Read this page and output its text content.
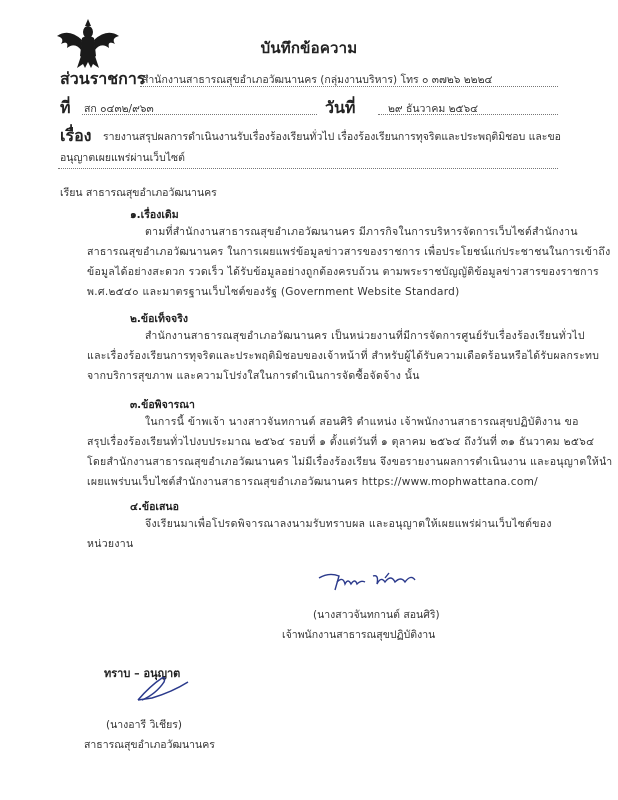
บันทึกข้อความ
ส่วนราชการ
สำนักงานสาธารณสุขอำเภอวัฒนานคร (กลุ่มงานบริหาร) โทร ๐ ๓๗๒๖ ๒๒๒๔
ที่ สก ๐๔๓๒/๙๖๓	วันที่	๒๙ ธันวาคม ๒๕๖๔
เรื่อง รายงานสรุปผลการดำเนินงานรับเรื่องร้องเรียนทั่วไป เรื่องร้องเรียนการทุจริตและประพฤติมิชอบ และขอ
อนุญาตเผยแพร่ผ่านเว็บไซต์
เรียน สาธารณสุขอำเภอวัฒนานคร
๑.เรื่องเดิม
ตามที่สำนักงานสาธารณสุขอำเภอวัฒนานคร มีภารกิจในการบริหารจัดการเว็บไซต์สำนักงาน
สาธารณสุขอำเภอวัฒนานคร ในการเผยแพร่ข้อมูลข่าวสารของราชการ เพื่อประโยชน์แก่ประชาชนในการเข้าถึง
ข้อมูลได้อย่างสะดวก รวดเร็ว ได้รับข้อมูลอย่างถูกต้องครบถ้วน ตามพระราชบัญญัติข้อมูลข่าวสารของราชการ
พ.ศ.๒๕๔๐ และมาตรฐานเว็บไซต์ของรัฐ (Government Website Standard)
๒.ข้อเท็จจริง
สำนักงานสาธารณสุขอำเภอวัฒนานคร เป็นหน่วยงานที่มีการจัดการศูนย์รับเรื่องร้องเรียนทั่วไป
และเรื่องร้องเรียนการทุจริตและประพฤติมิชอบของเจ้าหน้าที่ สำหรับผู้ได้รับความเดือดร้อนหรือได้รับผลกระทบ
จากบริการสุขภาพ และความโปร่งใสในการดำเนินการจัดซื้อจัดจ้าง นั้น
๓.ข้อพิจารณา
ในการนี้ ข้าพเจ้า นางสาวจันทกานต์ สอนศิริ ตำแหน่ง เจ้าพนักงานสาธารณสุขปฏิบัติงาน ขอ
สรุปเรื่องร้องเรียนทั่วไปงบประมาณ ๒๕๖๔ รอบที่ ๑ ตั้งแต่วันที่ ๑ ตุลาคม ๒๕๖๔ ถึงวันที่ ๓๑ ธันวาคม ๒๕๖๔
โดยสำนักงานสาธารณสุขอำเภอวัฒนานคร ไม่มีเรื่องร้องเรียน จึงขอรายงานผลการดำเนินงาน และอนุญาตให้นำ
เผยแพร่บนเว็บไซต์สำนักงานสาธารณสุขอำเภอวัฒนานคร https://www.mophwattana.com/
๔.ข้อเสนอ
จึงเรียนมาเพื่อโปรดพิจารณาลงนามรับทราบผล และอนุญาตให้เผยแพร่ผ่านเว็บไซต์ของ
หน่วยงาน
(นางสาวจันทกานต์ สอนศิริ)
เจ้าพนักงานสาธารณสุขปฏิบัติงาน
ทราบ – อนุญาต
(นางอารี วิเชียร)
สาธารณสุขอำเภอวัฒนานคร
